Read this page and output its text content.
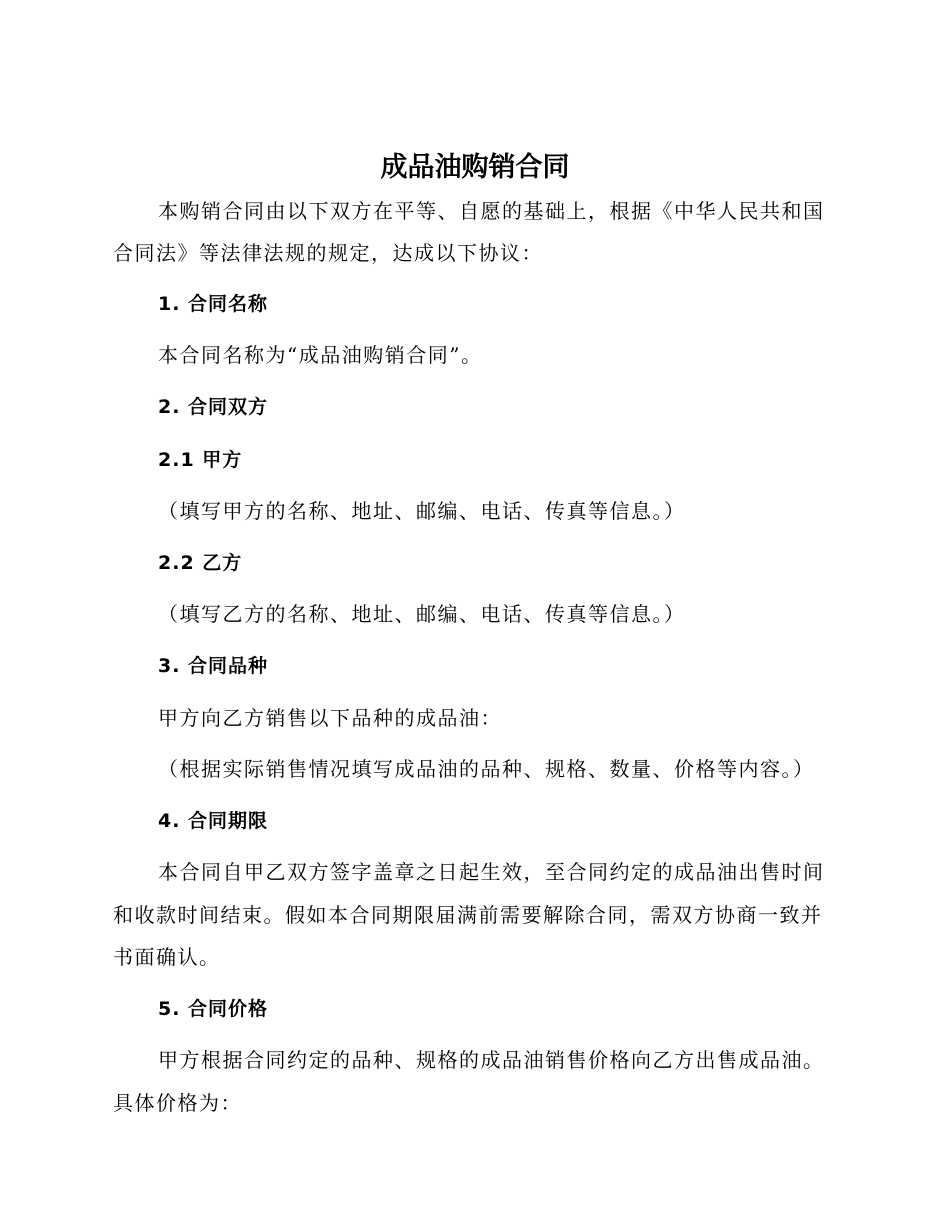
成品油购销合同

本购销合同由以下双方在平等、自愿的基础上，根据《中华人民共和国

合同法》等法律法规的规定，达成以下协议：

1. 合同名称

本合同名称为“成品油购销合同”。

2. 合同双方

2.1 甲方

（填写甲方的名称、地址、邮编、电话、传真等信息。）

2.2 乙方

（填写乙方的名称、地址、邮编、电话、传真等信息。）

3. 合同品种

甲方向乙方销售以下品种的成品油：

（根据实际销售情况填写成品油的品种、规格、数量、价格等内容。）

4. 合同期限

本合同自甲乙双方签字盖章之日起生效，至合同约定的成品油出售时间

和收款时间结束。假如本合同期限届满前需要解除合同，需双方协商一致并

书面确认。

5. 合同价格

甲方根据合同约定的品种、规格的成品油销售价格向乙方出售成品油。

具体价格为：
